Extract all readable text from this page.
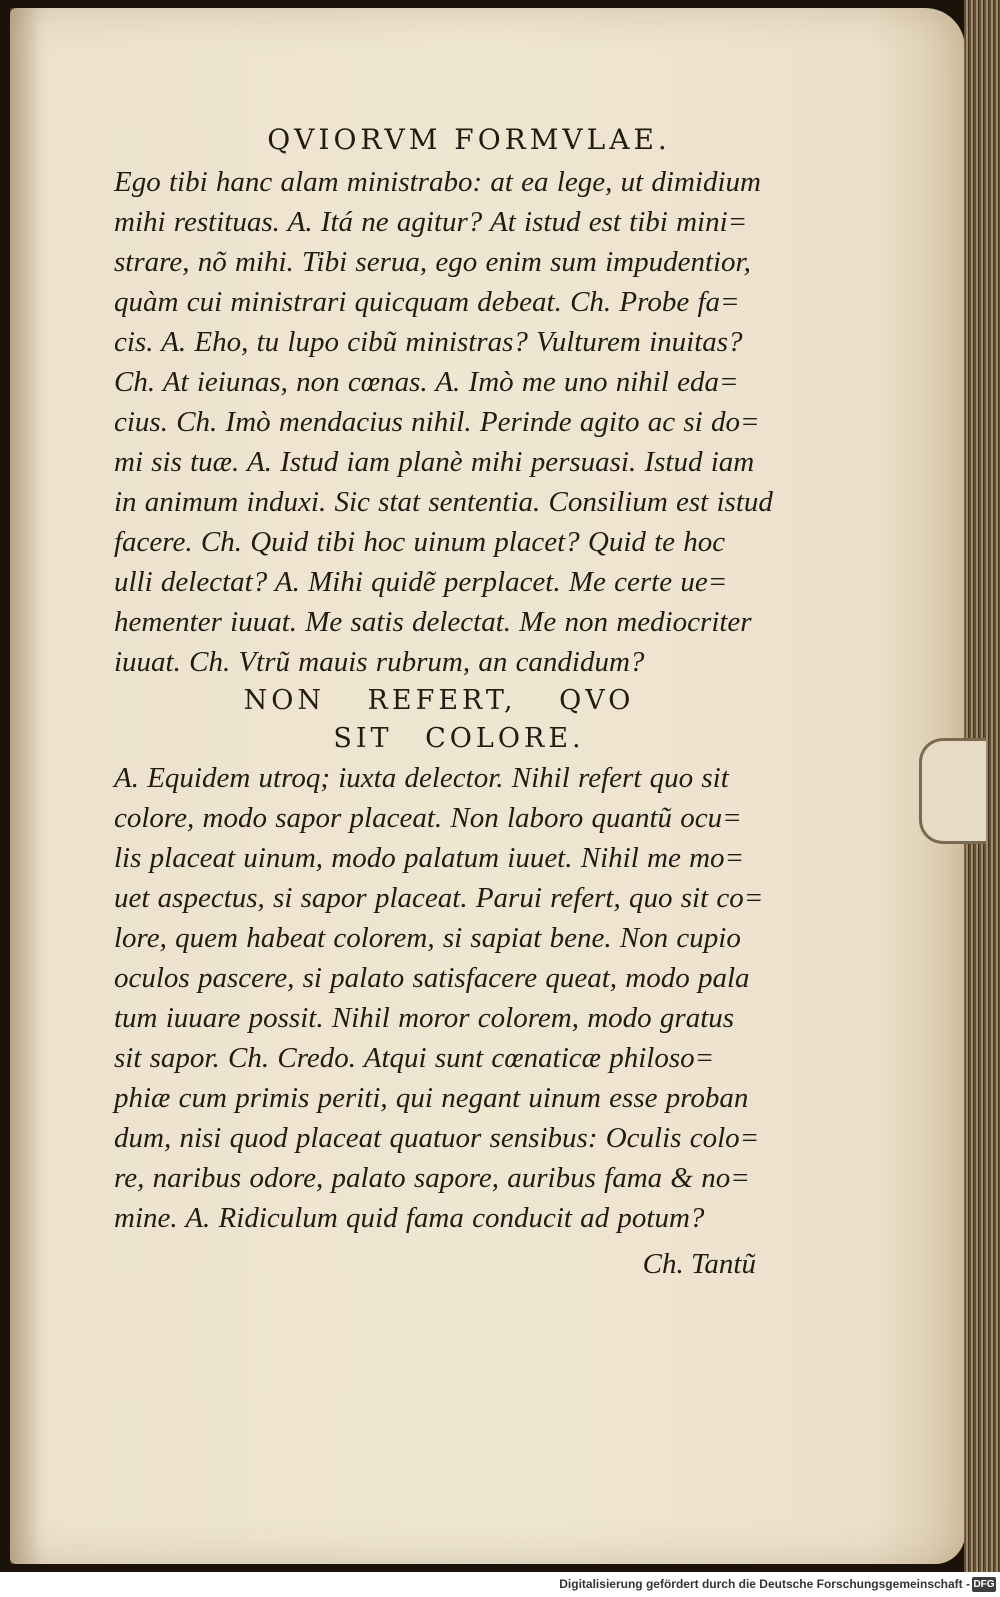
QVIORVM FORMVLAE.
Ego tibi hanc alam ministrabo: at ea lege, ut dimidium
mihi restituas. A. Itá ne agitur? At istud est tibi mini=
strare, nõ mihi. Tibi serua, ego enim sum impudentior,
quàm cui ministrari quicquam debeat. Ch. Probe fa=
cis. A. Eho, tu lupo cibũ ministras? Vulturem inuitas?
Ch. At ieiunas, non cœnas. A. Imò me uno nihil eda=
cius. Ch. Imò mendacius nihil. Perinde agito ac si do=
mi sis tuæ. A. Istud iam planè mihi persuasi. Istud iam
in animum induxi. Sic stat sententia. Consilium est istud
facere. Ch. Quid tibi hoc uinum placet? Quid te hoc
ulli delectat? A. Mihi quidẽ perplacet. Me certe ue=
hementer iuuat. Me satis delectat. Me non mediocriter
iuuat. Ch. Vtrũ mauis rubrum, an candidum?
NON REFERT, QVO
SIT COLORE.
A. Equidem utroq; iuxta delector. Nihil refert quo sit
colore, modo sapor placeat. Non laboro quantũ ocu=
lis placeat uinum, modo palatum iuuet. Nihil me mo=
uet aspectus, si sapor placeat. Parui refert, quo sit co=
lore, quem habeat colorem, si sapiat bene. Non cupio
oculos pascere, si palato satisfacere queat, modo pala
tum iuuare possit. Nihil moror colorem, modo gratus
sit sapor. Ch. Credo. Atqui sunt cœnaticæ philoso=
phiæ cum primis periti, qui negant uinum esse proban
dum, nisi quod placeat quatuor sensibus: Oculis colo=
re, naribus odore, palato sapore, auribus fama & no=
mine. A. Ridiculum quid fama conducit ad potum?
Ch. Tantũ
Digitalisierung gefördert durch die Deutsche Forschungsgemeinschaft - DFG
